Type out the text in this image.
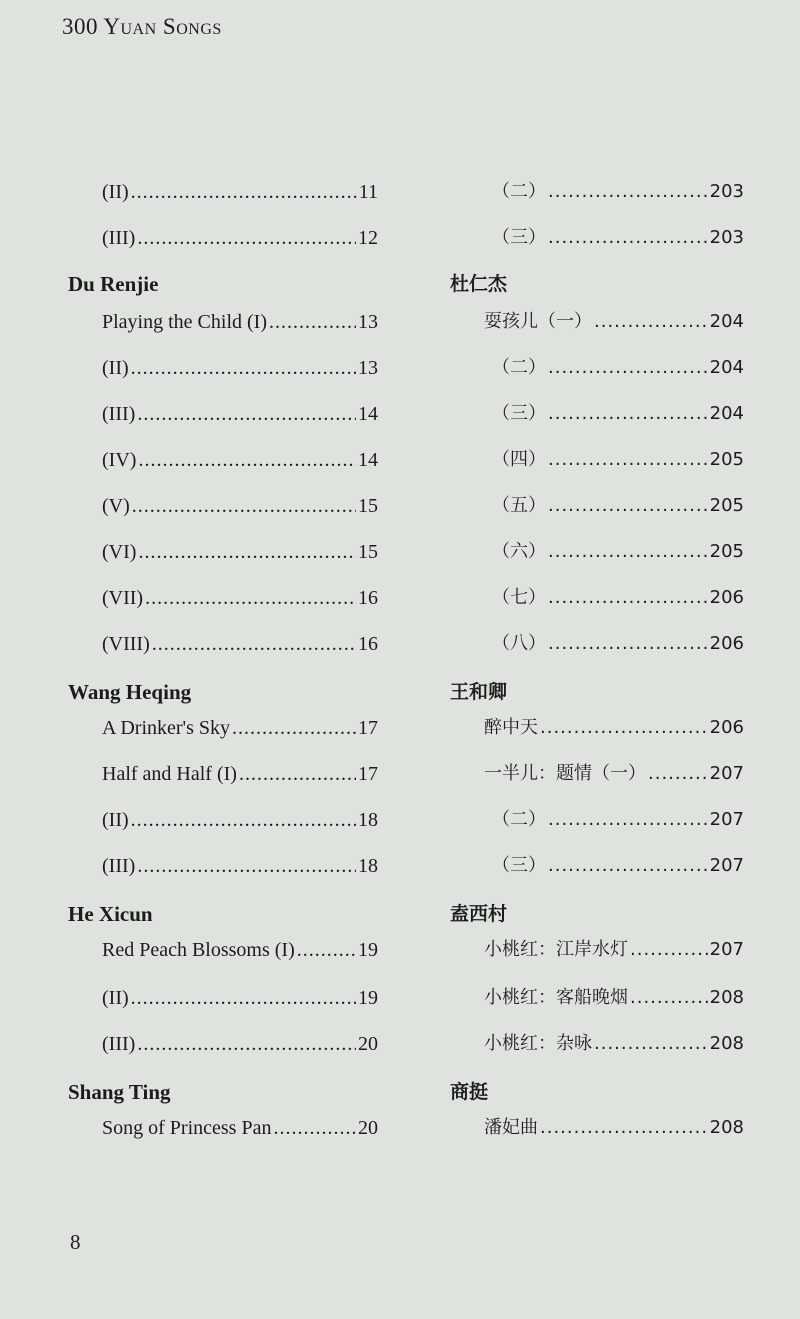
300 Yuan Songs
(II) .....	11
(III) .....	12
Du Renjie
Playing the Child (I) .....	13
(II) .....	13
(III) .....	14
(IV) .....	14
(V) .....	15
(VI) .....	15
(VII) .....	16
(VIII) .....	16
Wang Heqing
A Drinker's Sky .....	17
Half and Half (I) .....	17
(II) .....	18
(III) .....	18
He Xicun
Red Peach Blossoms (I) .....	19
(II) .....	19
(III) .....	20
Shang Ting
Song of Princess Pan .....	20
（二） .....	203
（三） .....	203
杜仁杰
耍孩儿（一） .....	204
（二） .....	204
（三） .....	204
（四） .....	205
（五） .....	205
（六） .....	205
（七） .....	206
（八） .....	206
王和卿
醉中天 .....	206
一半儿：题情（一） .....	207
（二） .....	207
（三） .....	207
盍西村
小桃红：江岸水灯 .....	207
小桃红：客船晚烟 .....	208
小桃红：杂咏 .....	208
商挺
潘妃曲 .....	208
8
